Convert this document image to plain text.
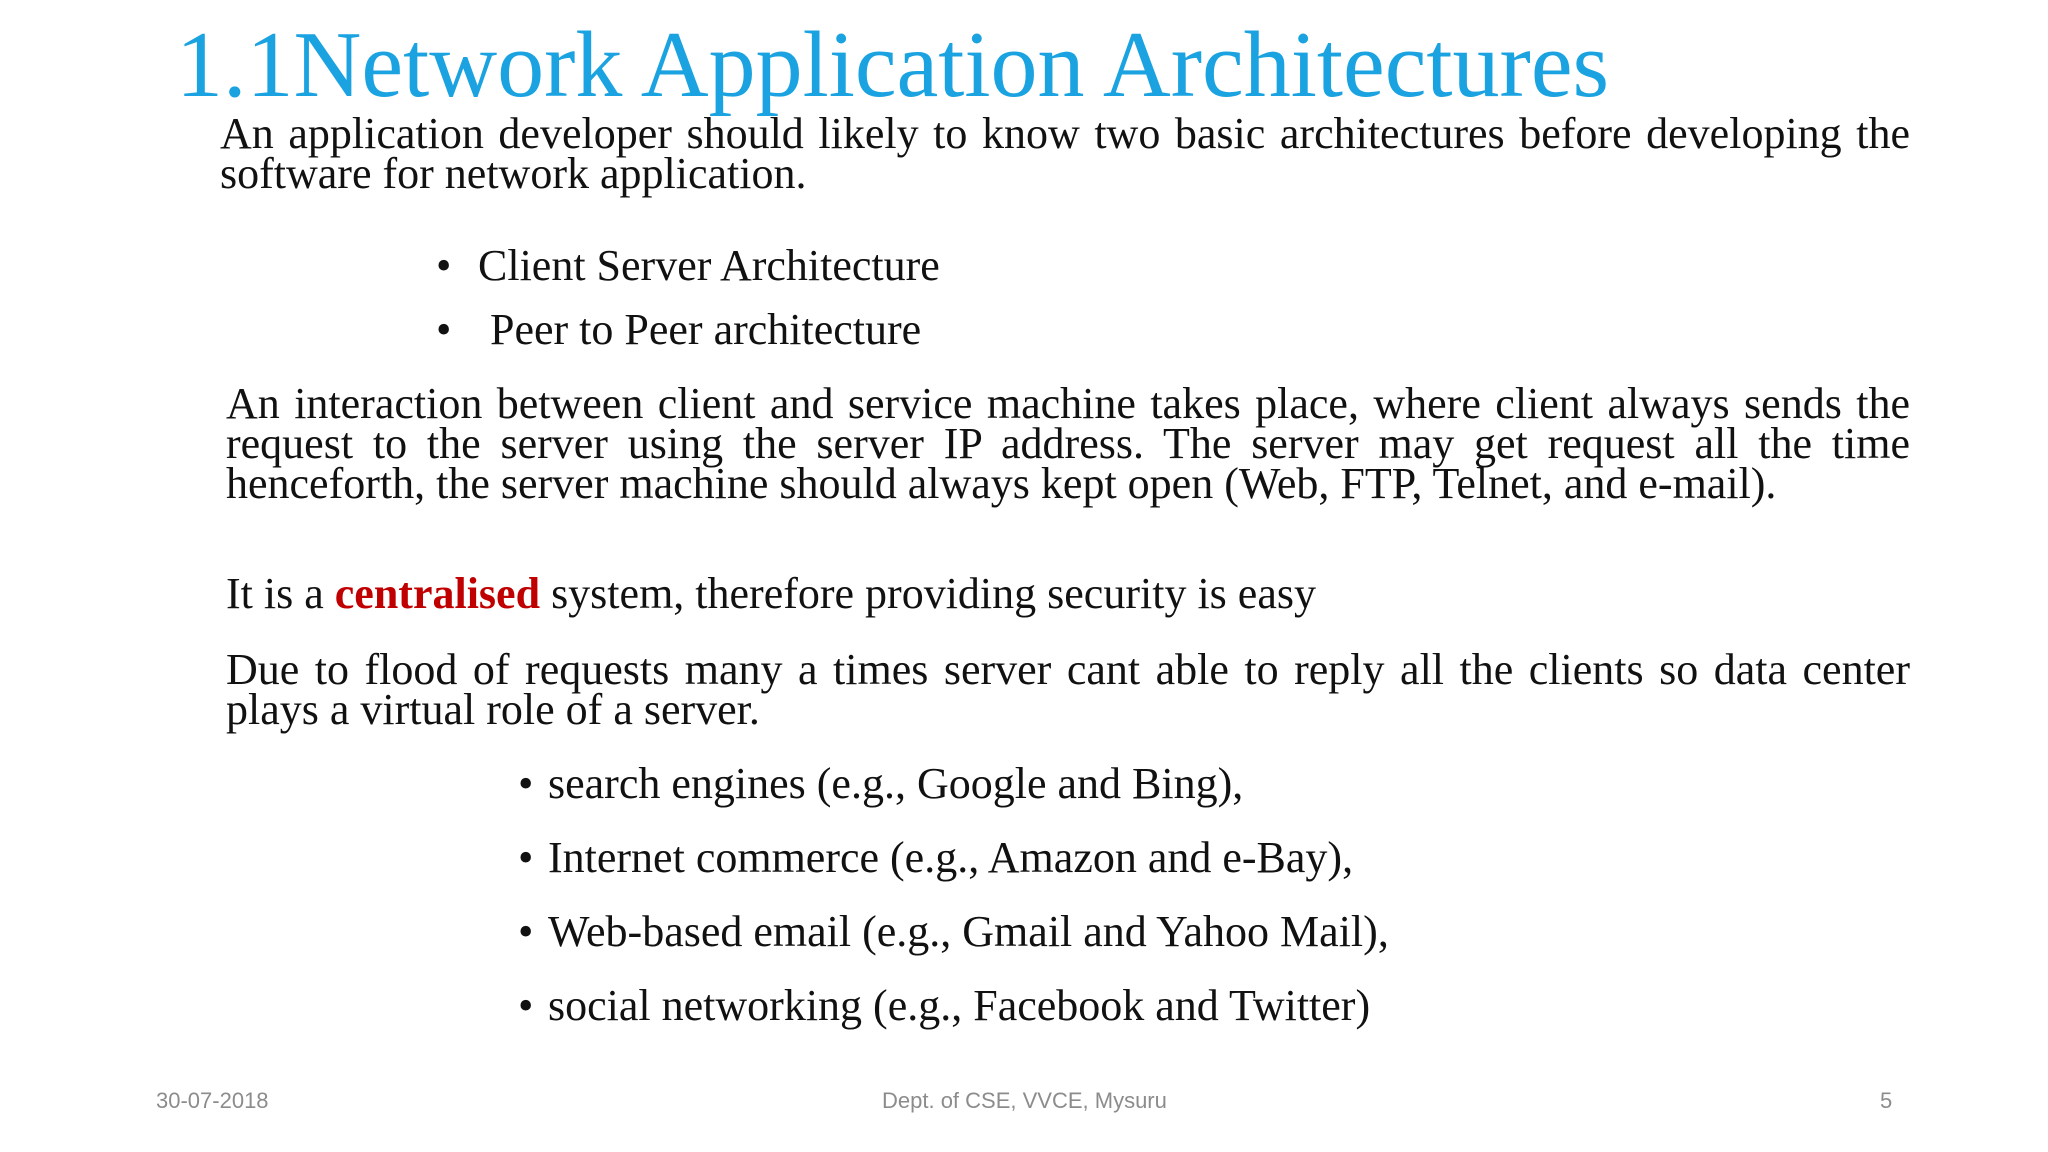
1.1Network Application Architectures
An application developer should likely to know two basic architectures before developing the software for network application.
• Client Server Architecture
• Peer to Peer architecture
An interaction between client and service machine takes place, where client always sends the request to the server using the server IP address. The server may get request all the time henceforth, the server machine should always kept open (Web, FTP, Telnet, and e-mail).
It is a centralised system, therefore providing security is easy
Due to flood of requests many a times server cant able to reply all the clients so data center plays a virtual role of a server.
• search engines (e.g., Google and Bing),
• Internet commerce (e.g., Amazon and e-Bay),
• Web-based email (e.g., Gmail and Yahoo Mail),
• social networking (e.g., Facebook and Twitter)
30-07-2018	Dept. of CSE, VVCE, Mysuru	5
